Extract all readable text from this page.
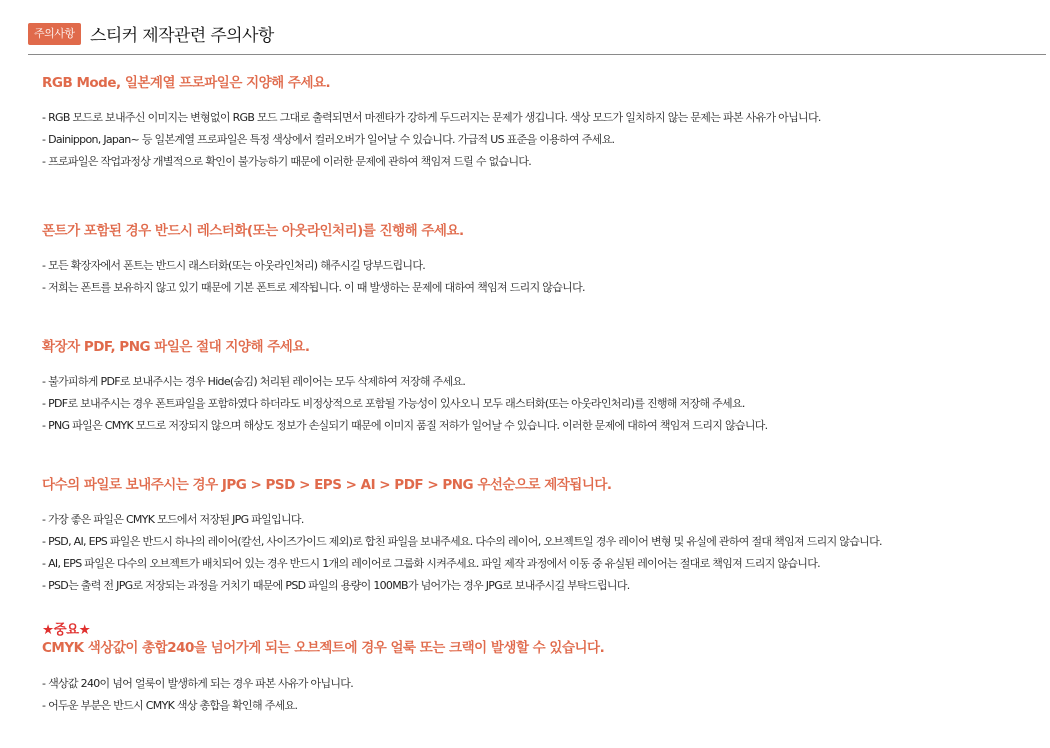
주의사항 스티커 제작관련 주의사항
RGB Mode, 일본계열 프로파일은 지양해 주세요.
- RGB 모드로 보내주신 이미지는 변형없이 RGB 모드 그대로 출력되면서 마젠타가 강하게 두드러지는 문제가 생깁니다. 색상 모드가 일치하지 않는 문제는 파본 사유가 아닙니다.
- Dainippon, Japan~ 등 일본계열 프로파일은 특정 색상에서 컬러오버가 일어날 수 있습니다. 가급적 US 표준을 이용하여 주세요.
- 프로파일은 작업과정상 개별적으로 확인이 불가능하기 때문에 이러한 문제에 관하여 책임져 드릴 수 없습니다.
폰트가 포함된 경우 반드시 레스터화(또는 아웃라인처리)를 진행해 주세요.
- 모든 확장자에서 폰트는 반드시 래스터화(또는 아웃라인처리) 해주시길 당부드립니다.
- 저희는 폰트를 보유하지 않고 있기 때문에 기본 폰트로 제작됩니다. 이 때 발생하는 문제에 대하여 책임져 드리지 않습니다.
확장자 PDF, PNG 파일은 절대 지양해 주세요.
- 불가피하게 PDF로 보내주시는 경우 Hide(숨김) 처리된 레이어는 모두 삭제하여 저장해 주세요.
- PDF로 보내주시는 경우 폰트파일을 포함하였다 하더라도 비정상적으로 포함될 가능성이 있사오니 모두 래스터화(또는 아웃라인처리)를 진행해 저장해 주세요.
- PNG 파일은 CMYK 모드로 저장되지 않으며 해상도 정보가 손실되기 때문에 이미지 품질 저하가 일어날 수 있습니다. 이러한 문제에 대하여 책임져 드리지 않습니다.
다수의 파일로 보내주시는 경우 JPG > PSD > EPS > AI > PDF > PNG 우선순으로 제작됩니다.
- 가장 좋은 파일은 CMYK 모드에서 저장된 JPG 파일입니다.
- PSD, AI, EPS 파일은 반드시 하나의 레이어(칼선, 사이즈가이드 제외)로 합친 파일을 보내주세요. 다수의 레이어, 오브젝트일 경우 레이어 변형 및 유실에 관하여 절대 책임져 드리지 않습니다.
- AI, EPS 파일은 다수의 오브젝트가 배치되어 있는 경우 반드시 1개의 레이어로 그룹화 시켜주세요. 파일 제작 과정에서 이동 중 유실된 레이어는 절대로 책임져 드리지 않습니다.
- PSD는 출력 전 JPG로 저장되는 과정을 거치기 때문에 PSD 파일의 용량이 100MB가 넘어가는 경우 JPG로 보내주시길 부탁드립니다.
★중요★
CMYK 색상값이 총합240을 넘어가게 되는 오브젝트에 경우 얼룩 또는 크랙이 발생할 수 있습니다.
- 색상값 240이 넘어 얼룩이 발생하게 되는 경우 파본 사유가 아닙니다.
- 어두운 부분은 반드시 CMYK 색상 총합을 확인해 주세요.
